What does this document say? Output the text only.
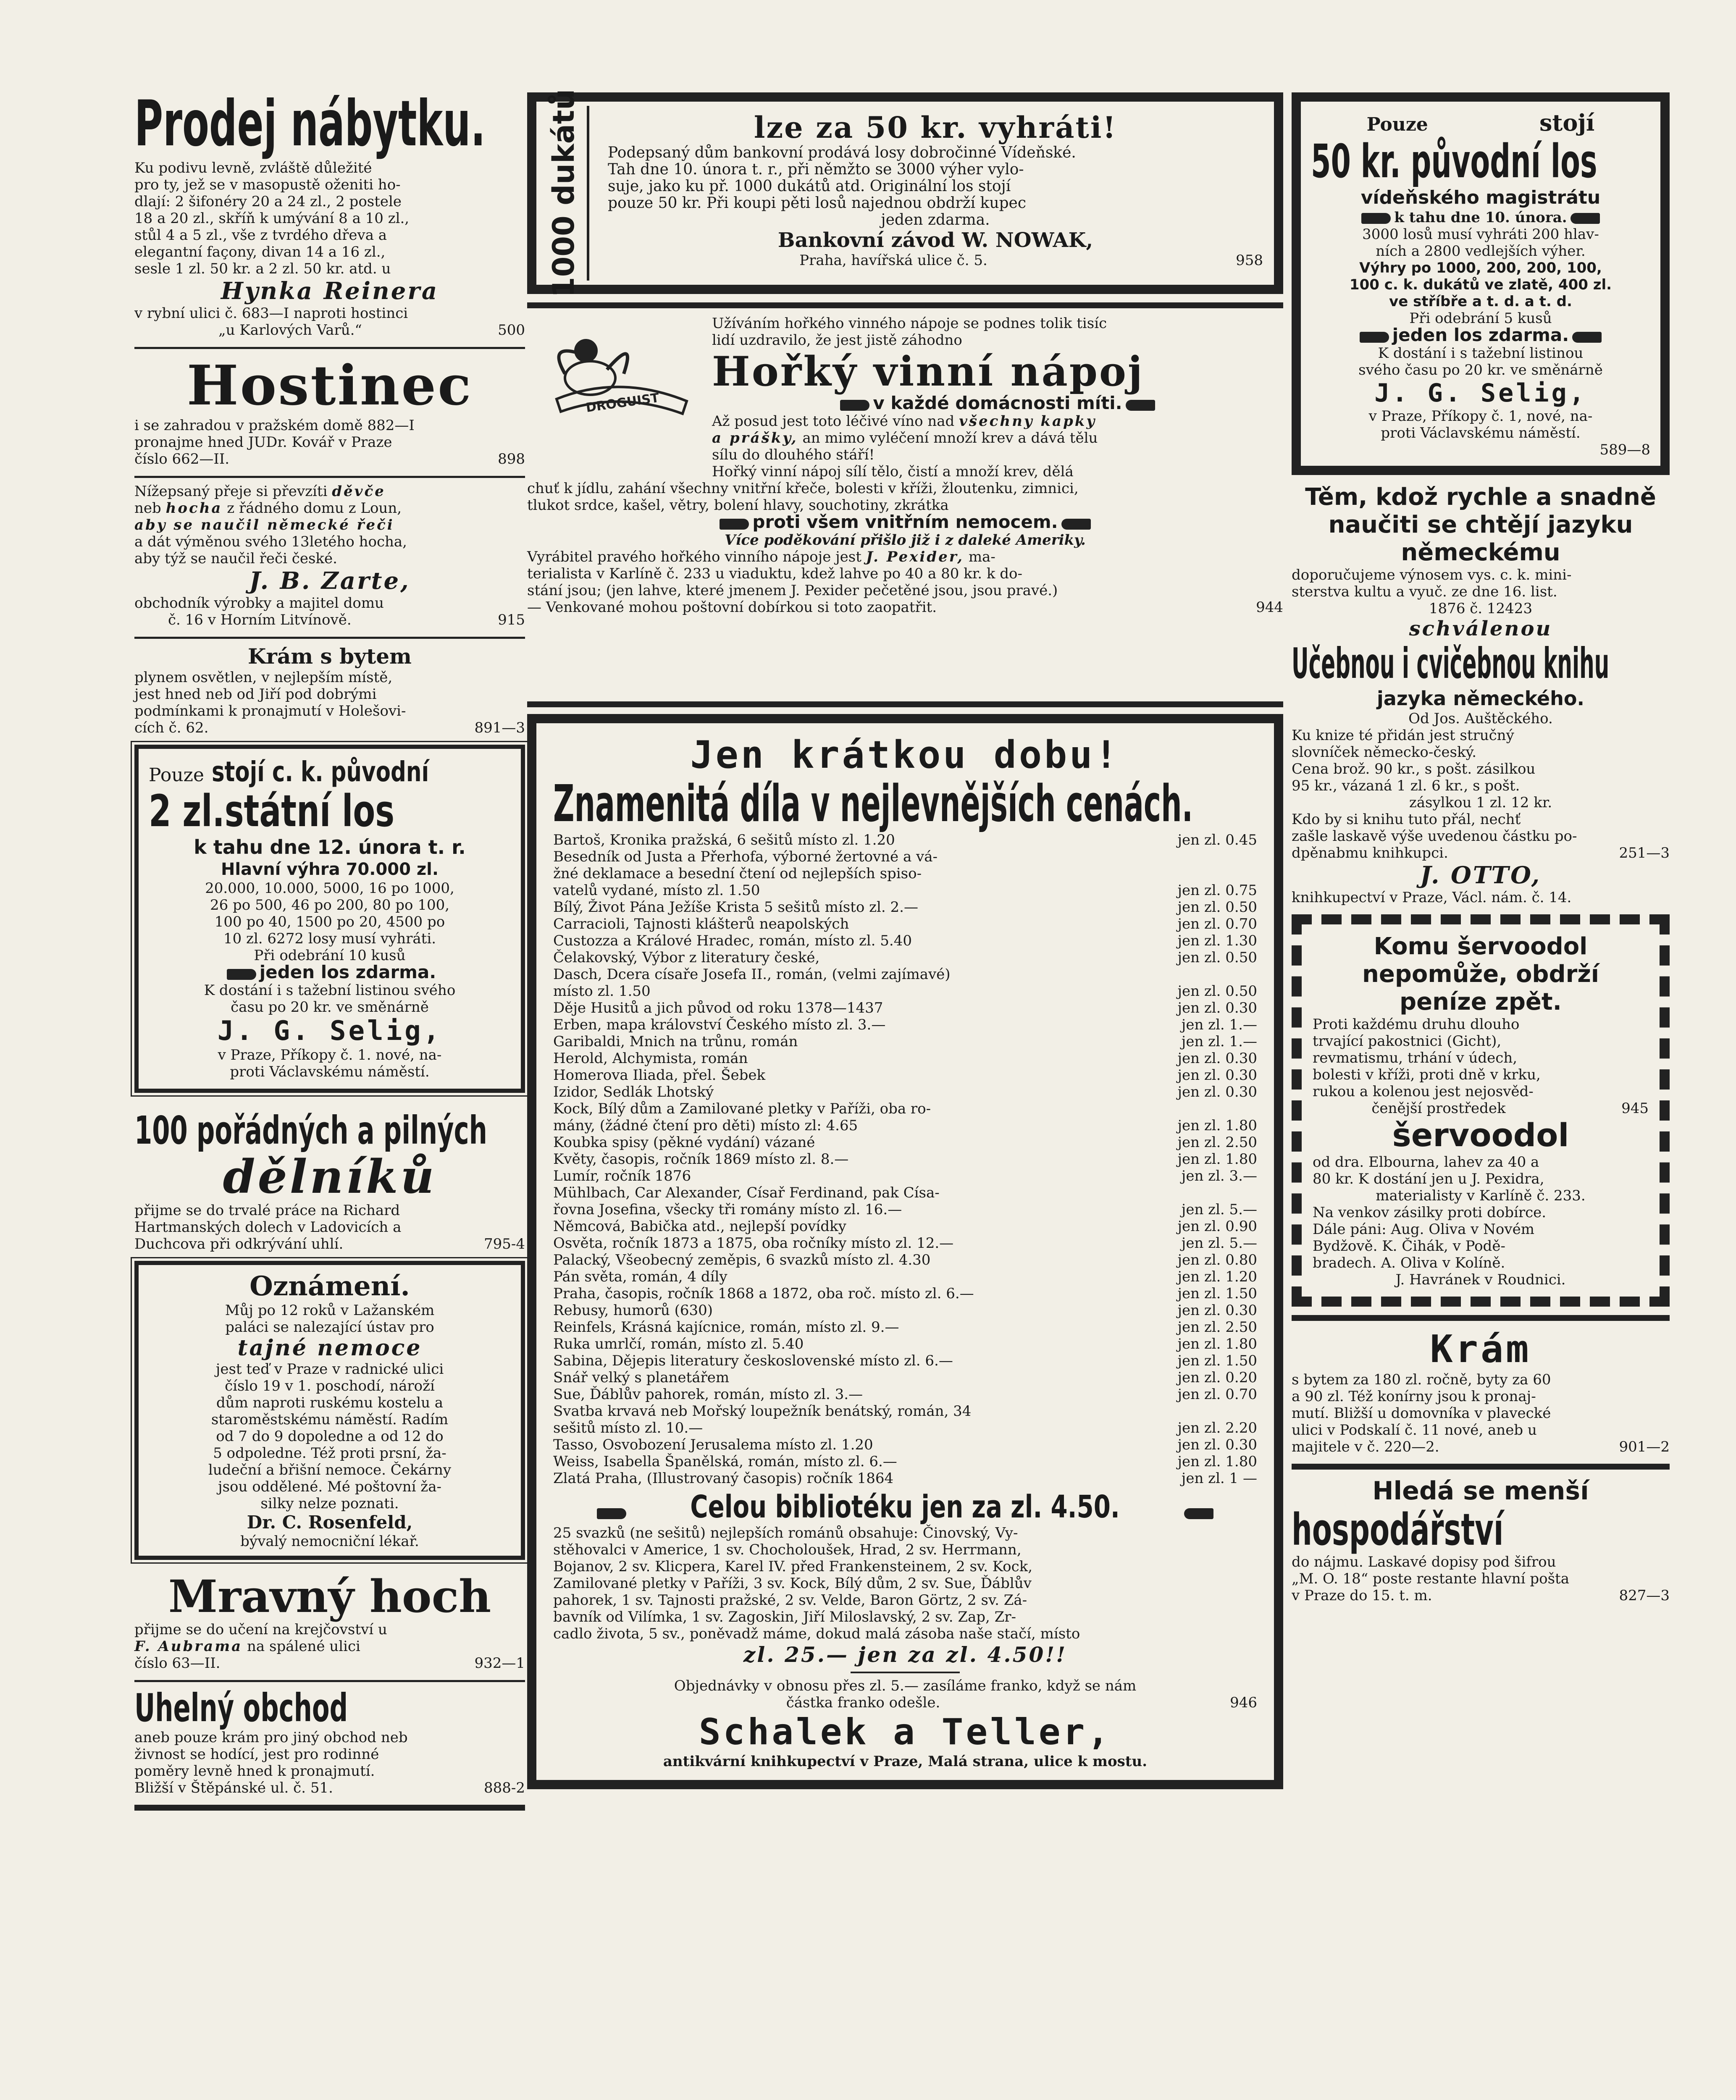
Prodej nábytku.
Ku podivu levně, zvláště důležité
pro ty, jež se v masopustě oženiti ho-
dlají: 2 šifonéry 20 a 24 zl., 2 postele
18 a 20 zl., skříň k umývání 8 a 10 zl.,
stůl 4 a 5 zl., vše z tvrdého dřeva a
elegantní façony, divan 14 a 16 zl.,
sesle 1 zl. 50 kr. a 2 zl. 50 kr. atd. u
Hynka Reinera
v rybní ulici č. 683—I naproti hostinci
„u Karlových Varů.“	500
Hostinec
i se zahradou v pražském domě 882—I
pronajme hned JUDr. Kovář v Praze
číslo 662—II.	898
Nížepsaný přeje si převzíti děvče
neb hocha z řádného domu z Loun,
aby se naučil německé řeči
a dát výměnou svého 13letého hocha,
aby týž se naučil řeči české.
J. B. Zarte,
obchodník výrobky a majitel domu
č. 16 v Horním Litvínově.	915
Krám s bytem
plynem osvětlen, v nejlepším místě,
jest hned neb od Jiří pod dobrými
podmínkami k pronajmutí v Holešovi-
cích č. 62.	891—3
Pouze stojí c. k. původní
2 zl.státní los
k tahu dne 12. února t. r.
Hlavní výhra 70.000 zl.
20.000, 10.000, 5000, 16 po 1000,
26 po 500, 46 po 200, 80 po 100,
100 po 40, 1500 po 20, 4500 po
10 zl. 6272 losy musí vyhráti.
Při odebrání 10 kusů
jeden los zdarma.
K dostání i s tažební listinou svého
času po 20 kr. ve směnárně
J. G. Selig,
v Praze, Příkopy č. 1. nové, na-
proti Václavskému náměstí.
100 pořádných a pilných
dělníků
přijme se do trvalé práce na Richard
Hartmanských dolech v Ladovicích a
Duchcova při odkrývání uhlí.	795-4
Oznámení.
Můj po 12 roků v Lažanském
paláci se nalezající ústav pro
tajné nemoce
jest teď v Praze v radnické ulici
číslo 19 v 1. poschodí, nároží
dům naproti ruskému kostelu a
staroměstskému náměstí. Radím
od 7 do 9 dopoledne a od 12 do
5 odpoledne. Též proti prsní, ža-
ludeční a břišní nemoce. Čekárny
jsou oddělené. Mé poštovní ža-
silky nelze poznati.
Dr. C. Rosenfeld,
bývalý nemocniční lékař.
Mravný hoch
přijme se do učení na krejčovství u
F. Aubrama na spálené ulici
číslo 63—II.	932—1
Uhelný obchod
aneb pouze krám pro jiný obchod neb
živnost se hodící, jest pro rodinné
poměry levně hned k pronajmutí.
Bližší v Štěpánské ul. č. 51.	888-2
1000 dukátů	lze za 50 kr. vyhráti!
Podepsaný dům bankovní prodává losy dobročinné Vídeňské.
Tah dne 10. února t. r., při němžto se 3000 výher vylo-
suje, jako ku př. 1000 dukátů atd. Originální los stojí
pouze 50 kr. Při koupi pěti losů najednou obdrží kupec
jeden zdarma.
Bankovní závod W. NOWAK,
Praha, havířská ulice č. 5.	958
DROGUIST
Užíváním hořkého vinného nápoje se podnes tolik tisíc
lidí uzdravilo, že jest jistě záhodno
Hořký vinní nápoj
v každé domácnosti míti.
Až posud jest toto léčivé víno nad všechny kapky
a prášky, an mimo vyléčení množí krev a dává tělu
sílu do dlouhého stáří!
Hořký vinní nápoj sílí tělo, čistí a množí krev, dělá
chuť k jídlu, zahání všechny vnitřní křeče, bolesti v kříži, žloutenku, zimnici,
tlukot srdce, kašel, větry, bolení hlavy, souchotiny, zkrátka
proti všem vnitřním nemocem.
Více poděkování přišlo již i z daleké Ameriky.
Vyrábitel pravého hořkého vinního nápoje jest J. Pexider, ma-
terialista v Karlíně č. 233 u viaduktu, kdež lahve po 40 a 80 kr. k do-
stání jsou; (jen lahve, které jmenem J. Pexider pečetěné jsou, jsou pravé.)
— Venkované mohou poštovní dobírkou si toto zaopatřit.	944
Jen krátkou dobu!
Znamenitá díla v nejlevnějších cenách.
Bartoš, Kronika pražská, 6 sešitů místo zl. 1.20	jen zl. 0.45
Besedník od Justa a Přerhofa, výborné žertovné a vá-
žné deklamace a besední čtení od nejlepších spiso-
vatelů vydané, místo zl. 1.50	jen zl. 0.75
Bílý, Život Pána Ježíše Krista 5 sešitů místo zl. 2.—	jen zl. 0.50
Carracioli, Tajnosti klášterů neapolských	jen zl. 0.70
Custozza a Králové Hradec, román, místo zl. 5.40	jen zl. 1.30
Čelakovský, Výbor z literatury české,	jen zl. 0.50
Dasch, Dcera císaře Josefa II., román, (velmi zajímavé)
místo zl. 1.50	jen zl. 0.50
Děje Husitů a jich původ od roku 1378—1437	jen zl. 0.30
Erben, mapa království Českého místo zl. 3.—	jen zl. 1.—
Garibaldi, Mnich na trůnu, román	jen zl. 1.—
Herold, Alchymista, román	jen zl. 0.30
Homerova Iliada, přel. Šebek	jen zl. 0.30
Izidor, Sedlák Lhotský	jen zl. 0.30
Kock, Bílý dům a Zamilované pletky v Paříži, oba ro-
mány, (žádné čtení pro děti) místo zl: 4.65	jen zl. 1.80
Koubka spisy (pěkné vydání) vázané	jen zl. 2.50
Květy, časopis, ročník 1869 místo zl. 8.—	jen zl. 1.80
Lumír, ročník 1876	jen zl. 3.—
Mühlbach, Car Alexander, Císař Ferdinand, pak Císa-
řovna Josefina, všecky tři romány místo zl. 16.—	jen zl. 5.—
Němcová, Babička atd., nejlepší povídky	jen zl. 0.90
Osvěta, ročník 1873 a 1875, oba ročníky místo zl. 12.—	jen zl. 5.—
Palacký, Všeobecný zeměpis, 6 svazků místo zl. 4.30	jen zl. 0.80
Pán světa, román, 4 díly	jen zl. 1.20
Praha, časopis, ročník 1868 a 1872, oba roč. místo zl. 6.—	jen zl. 1.50
Rebusy, humorů (630)	jen zl. 0.30
Reinfels, Krásná kajícnice, román, místo zl. 9.—	jen zl. 2.50
Ruka umrlčí, román, místo zl. 5.40	jen zl. 1.80
Sabina, Dějepis literatury československé místo zl. 6.—	jen zl. 1.50
Snář velký s planetářem	jen zl. 0.20
Sue, Ďáblův pahorek, román, místo zl. 3.—	jen zl. 0.70
Svatba krvavá neb Mořský loupežník benátský, román, 34
sešitů místo zl. 10.—	jen zl. 2.20
Tasso, Osvobození Jerusalema místo zl. 1.20	jen zl. 0.30
Weiss, Isabella Španělská, román, místo zl. 6.—	jen zl. 1.80
Zlatá Praha, (Illustrovaný časopis) ročník 1864	jen zl. 1 —
Celou bibliotéku jen za zl. 4.50.
25 svazků (ne sešitů) nejlepších románů obsahuje: Činovský, Vy-
stěhovalci v Americe, 1 sv. Chocholoušek, Hrad, 2 sv. Herrmann,
Bojanov, 2 sv. Klicpera, Karel IV. před Frankensteinem, 2 sv. Kock,
Zamilované pletky v Paříži, 3 sv. Kock, Bílý dům, 2 sv. Sue, Ďáblův
pahorek, 1 sv. Tajnosti pražské, 2 sv. Velde, Baron Görtz, 2 sv. Zá-
bavník od Vilímka, 1 sv. Zagoskin, Jiří Miloslavský, 2 sv. Zap, Zr-
cadlo života, 5 sv., poněvadž máme, dokud malá zásoba naše stačí, místo
zl. 25.— jen za zl. 4.50!!
Objednávky v obnosu přes zl. 5.— zasíláme franko, když se nám
částka franko odešle.	946
Schalek a Teller,
antikvární knihkupectví v Praze, Malá strana, ulice k mostu.
Pouze	stojí
50 kr. původní los
vídeňského magistrátu
k tahu dne 10. února.
3000 losů musí vyhráti 200 hlav-
ních a 2800 vedlejších výher.
Výhry po 1000, 200, 200, 100,
100 c. k. dukátů ve zlatě, 400 zl.
ve stříbře a t. d. a t. d.
Při odebrání 5 kusů
jeden los zdarma.
K dostání i s tažební listinou
svého času po 20 kr. ve směnárně
J. G. Selig,
v Praze, Příkopy č. 1, nové, na-
proti Václavskému náměstí.
589—8
Těm, kdož rychle a snadně
naučiti se chtějí jazyku
německému
doporučujeme výnosem vys. c. k. mini-
sterstva kultu a vyuč. ze dne 16. list.
1876 č. 12423
schválenou
Učebnou i cvičebnou knihu
jazyka německého.
Od Jos. Auštěckého.
Ku knize té přidán jest stručný
slovníček německo-český.
Cena brož. 90 kr., s pošt. zásilkou
95 kr., vázaná 1 zl. 6 kr., s pošt.
zásylkou 1 zl. 12 kr.
Kdo by si knihu tuto přál, nechť
zašle laskavě výše uvedenou částku po-
dpěnabmu knihkupci.	251—3
J. OTTO,
knihkupectví v Praze, Václ. nám. č. 14.
Komu šervoodol
nepomůže, obdrží
peníze zpět.
Proti každému druhu dlouho
trvající pakostnici (Gicht),
revmatismu, trhání v údech,
bolesti v kříži, proti dně v krku,
rukou a kolenou jest nejosvěd-
čenější prostředek	945
šervoodol
od dra. Elbourna, lahev za 40 a
80 kr. K dostání jen u J. Pexidra,
materialisty v Karlíně č. 233.
Na venkov zásilky proti dobírce.
Dále páni: Aug. Oliva v Novém
Bydžově. K. Čihák, v Podě-
bradech. A. Oliva v Kolíně.
J. Havránek v Roudnici.
Krám
s bytem za 180 zl. ročně, byty za 60
a 90 zl. Též konírny jsou k pronaj-
mutí. Bližší u domovníka v plavecké
ulici v Podskalí č. 11 nové, aneb u
majitele v č. 220—2.	901—2
Hledá se menší
hospodářství
do nájmu. Laskavé dopisy pod šifrou
„M. O. 18“ poste restante hlavní pošta
v Praze do 15. t. m.	827—3
